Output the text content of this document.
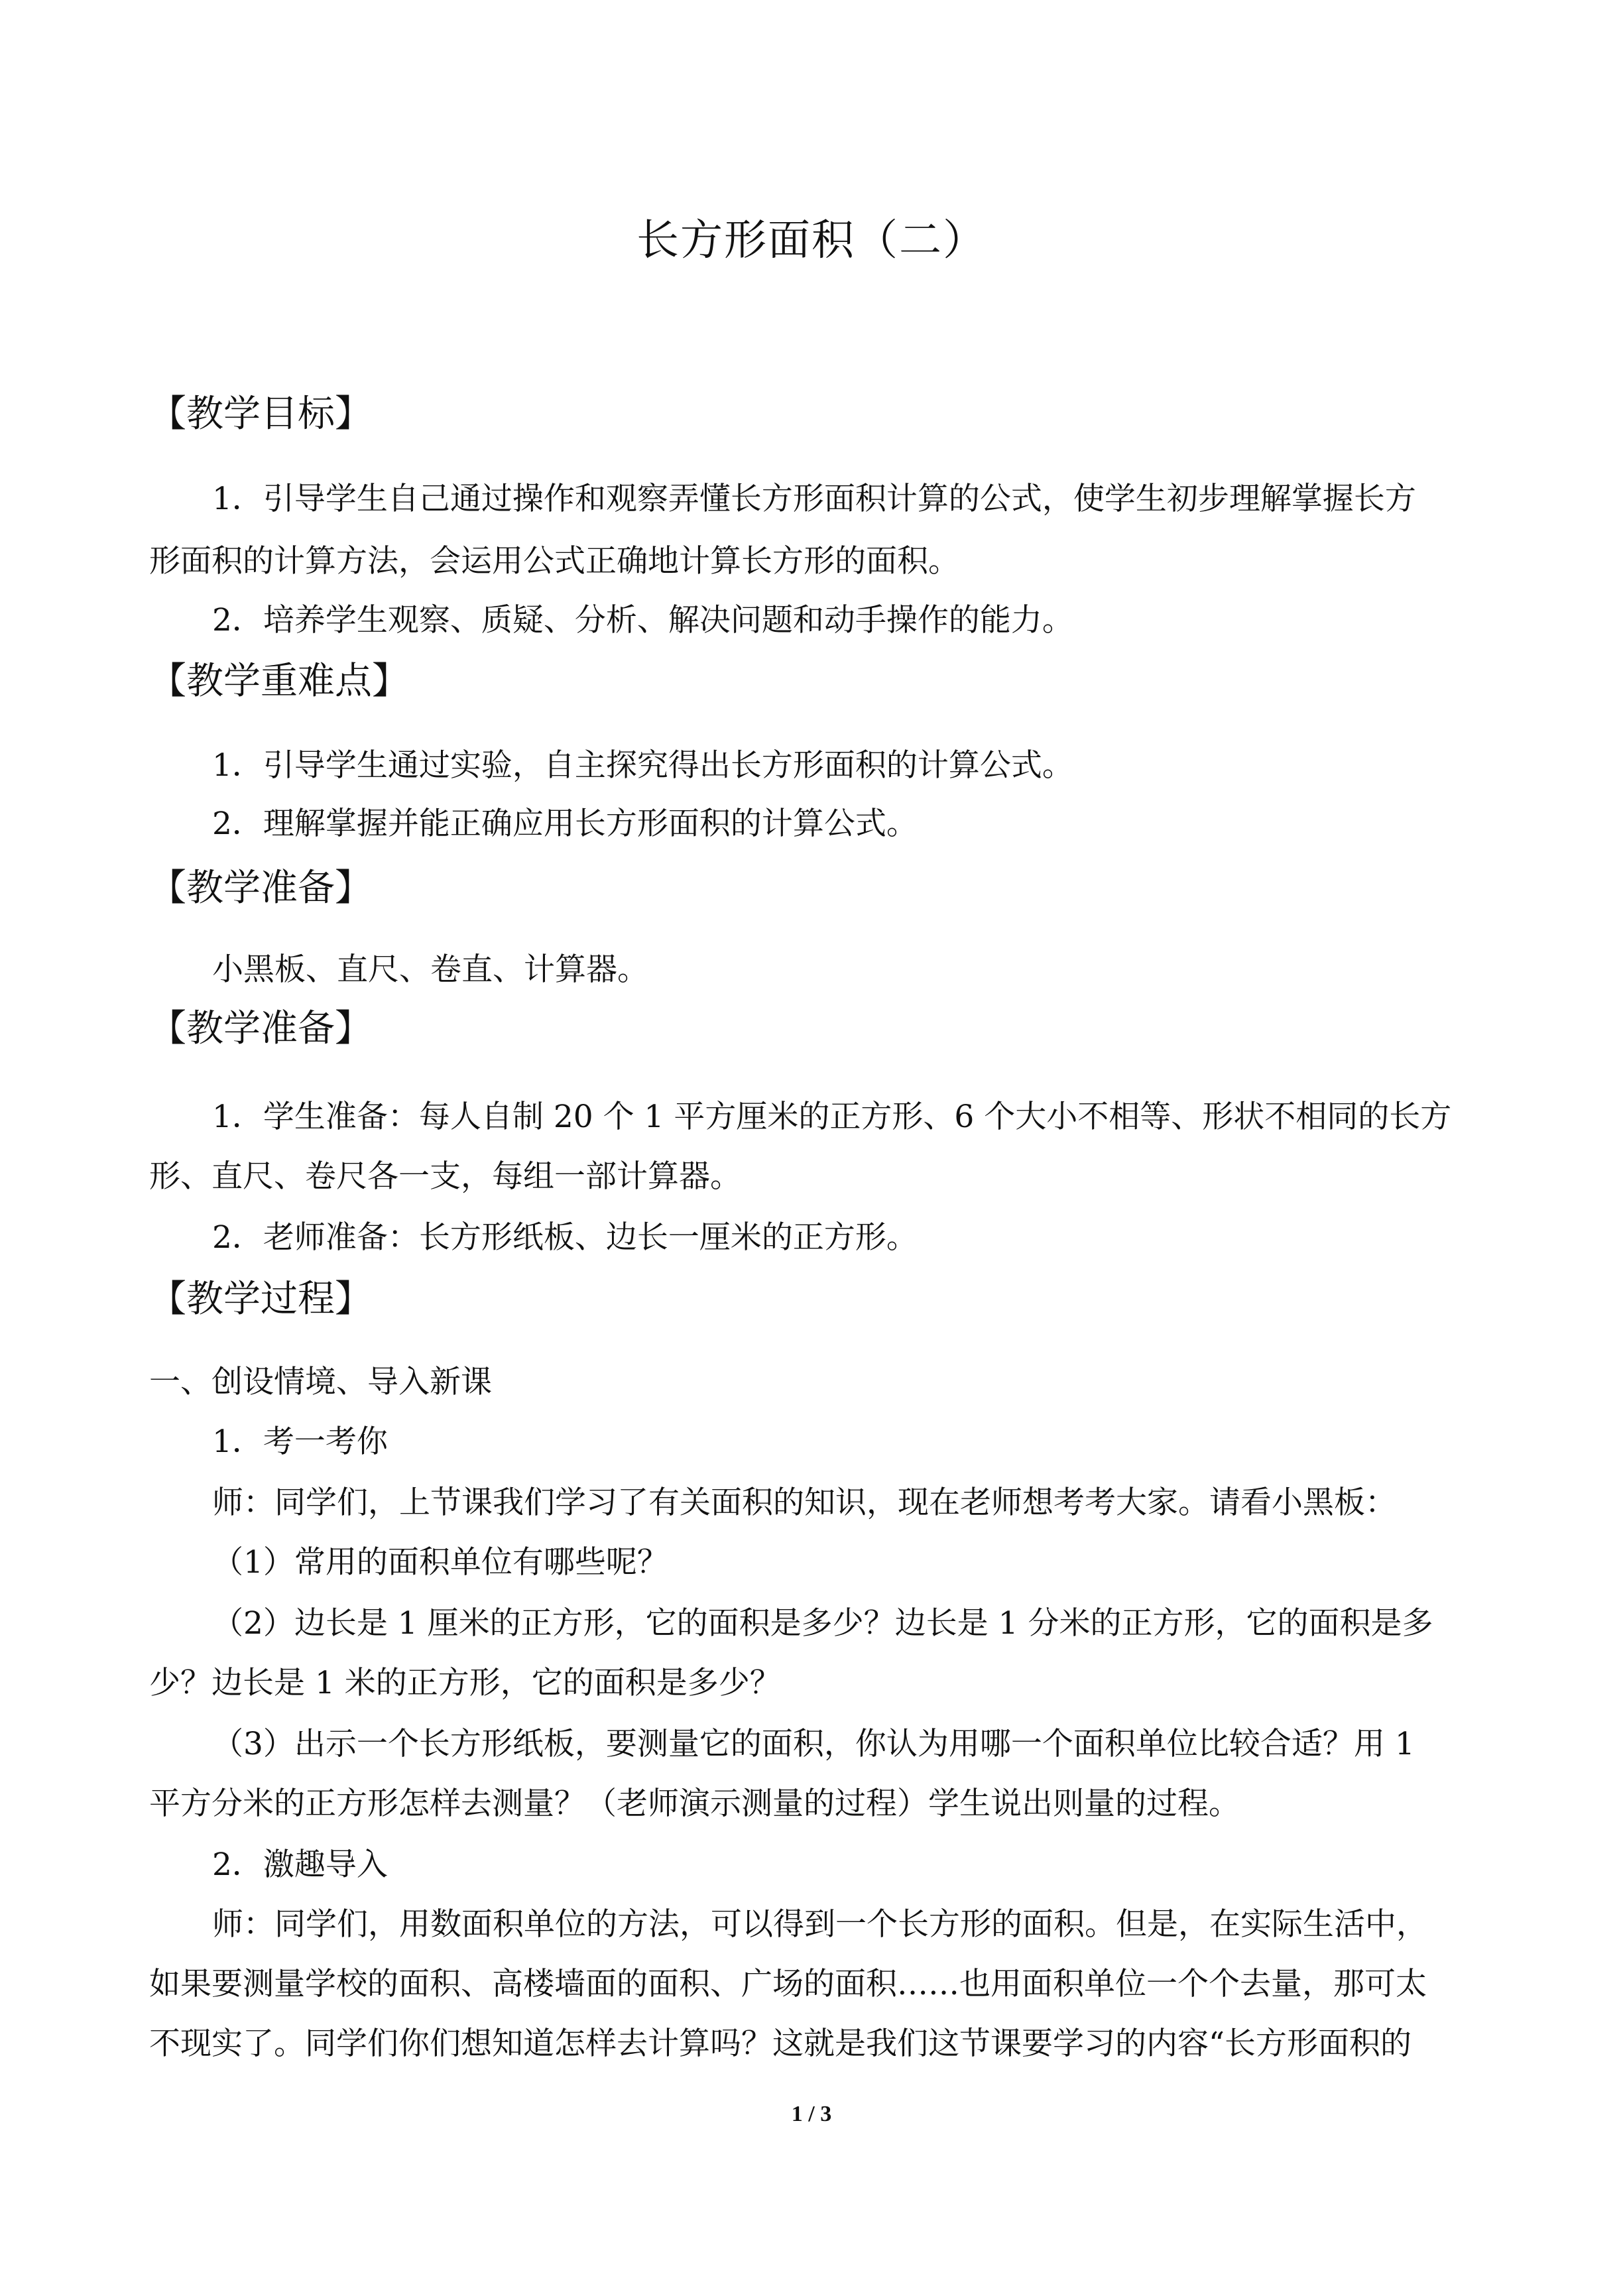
长方形面积（二）
【教学目标】
1．引导学生自己通过操作和观察弄懂长方形面积计算的公式，使学生初步理解掌握长方
形面积的计算方法，会运用公式正确地计算长方形的面积。
2．培养学生观察、质疑、分析、解决问题和动手操作的能力。
【教学重难点】
1．引导学生通过实验，自主探究得出长方形面积的计算公式。
2．理解掌握并能正确应用长方形面积的计算公式。
【教学准备】
小黑板、直尺、卷直、计算器。
【教学准备】
1．学生准备：每人自制 20 个 1 平方厘米的正方形、6 个大小不相等、形状不相同的长方
形、直尺、卷尺各一支，每组一部计算器。
2．老师准备：长方形纸板、边长一厘米的正方形。
【教学过程】
一、创设情境、导入新课
1．考一考你
师：同学们，上节课我们学习了有关面积的知识，现在老师想考考大家。请看小黑板：
（1）常用的面积单位有哪些呢？
（2）边长是 1 厘米的正方形，它的面积是多少？边长是 1 分米的正方形，它的面积是多
少？边长是 1 米的正方形，它的面积是多少？
（3）出示一个长方形纸板，要测量它的面积，你认为用哪一个面积单位比较合适？用 1
平方分米的正方形怎样去测量？（老师演示测量的过程）学生说出则量的过程。
2．激趣导入
师：同学们，用数面积单位的方法，可以得到一个长方形的面积。但是，在实际生活中，
如果要测量学校的面积、高楼墙面的面积、广场的面积……也用面积单位一个个去量，那可太
不现实了。同学们你们想知道怎样去计算吗？这就是我们这节课要学习的内容“长方形面积的
1 / 3
